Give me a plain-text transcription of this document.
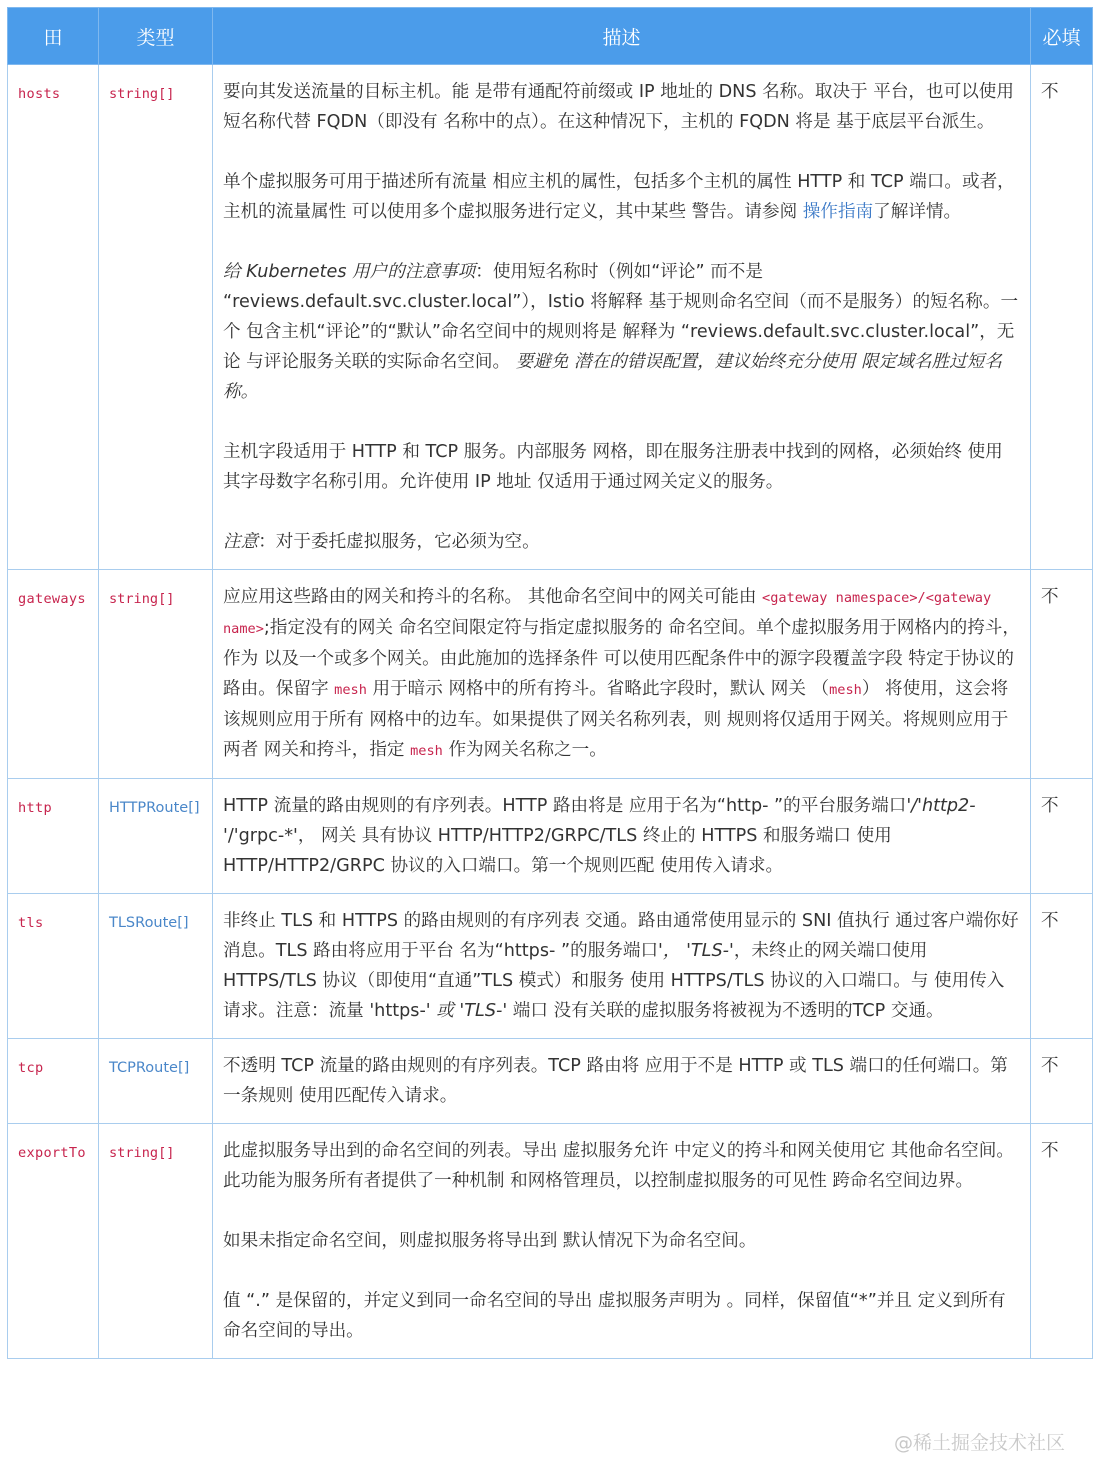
田	类型	描述	必填
hosts	string[]	要向其发送流量的目标主机。能 是带有通配符前缀或 IP 地址的 DNS 名称。取决于 平台，也可以使用短名称代替 FQDN（即没有 名称中的点）。在这种情况下，主机的 FQDN 将是 基于底层平台派生。

单个虚拟服务可用于描述所有流量 相应主机的属性，包括多个主机的属性 HTTP 和 TCP 端口。或者，主机的流量属性 可以使用多个虚拟服务进行定义，其中某些 警告。请参阅 操作指南了解详情。

给 Kubernetes 用户的注意事项：使用短名称时（例如“评论” 而不是 “reviews.default.svc.cluster.local”），Istio 将解释 基于规则命名空间（而不是服务）的短名称。一个 包含主机“评论”的“默认”命名空间中的规则将是 解释为 “reviews.default.svc.cluster.local”，无论 与评论服务关联的实际命名空间。 要避免 潜在的错误配置，建议始终充分使用 限定域名胜过短名称。

主机字段适用于 HTTP 和 TCP 服务。内部服务 网格，即在服务注册表中找到的网格，必须始终 使用其字母数字名称引用。允许使用 IP 地址 仅适用于通过网关定义的服务。

注意：对于委托虚拟服务，它必须为空。	不
gateways	string[]	应应用这些路由的网关和挎斗的名称。 其他命名空间中的网关可能由 <gateway namespace>/<gateway name>;指定没有的网关 命名空间限定符与指定虚拟服务的 命名空间。单个虚拟服务用于网格内的挎斗，作为 以及一个或多个网关。由此施加的选择条件 可以使用匹配条件中的源字段覆盖字段 特定于协议的路由。保留字 mesh 用于暗示 网格中的所有挎斗。省略此字段时，默认 网关 （mesh） 将使用，这会将该规则应用于所有 网格中的边车。如果提供了网关名称列表，则 规则将仅适用于网关。将规则应用于两者 网关和挎斗，指定 mesh 作为网关名称之一。	不
http	HTTPRoute[]	HTTP 流量的路由规则的有序列表。HTTP 路由将是 应用于名为“http- ”的平台服务端口'/'http2-'/'grpc-*'， 网关 具有协议 HTTP/HTTP2/GRPC/TLS 终止的 HTTPS 和服务端口 使用 HTTP/HTTP2/GRPC 协议的入口端口。第一个规则匹配 使用传入请求。	不
tls	TLSRoute[]	非终止 TLS 和 HTTPS 的路由规则的有序列表 交通。路由通常使用显示的 SNI 值执行 通过客户端你好消息。TLS 路由将应用于平台 名为“https- ”的服务端口'， 'TLS-'，未终止的网关端口使用 HTTPS/TLS 协议（即使用“直通”TLS 模式）和服务 使用 HTTPS/TLS 协议的入口端口。与 使用传入请求。注意：流量 'https-' 或 'TLS-' 端口 没有关联的虚拟服务将被视为不透明的TCP 交通。	不
tcp	TCPRoute[]	不透明 TCP 流量的路由规则的有序列表。TCP 路由将 应用于不是 HTTP 或 TLS 端口的任何端口。第一条规则 使用匹配传入请求。	不
exportTo	string[]	此虚拟服务导出到的命名空间的列表。导出 虚拟服务允许 中定义的挎斗和网关使用它 其他命名空间。此功能为服务所有者提供了一种机制 和网格管理员，以控制虚拟服务的可见性 跨命名空间边界。

如果未指定命名空间，则虚拟服务将导出到 默认情况下为命名空间。

值 “.” 是保留的，并定义到同一命名空间的导出 虚拟服务声明为 。同样，保留值“*”并且 定义到所有命名空间的导出。	不
@稀土掘金技术社区
